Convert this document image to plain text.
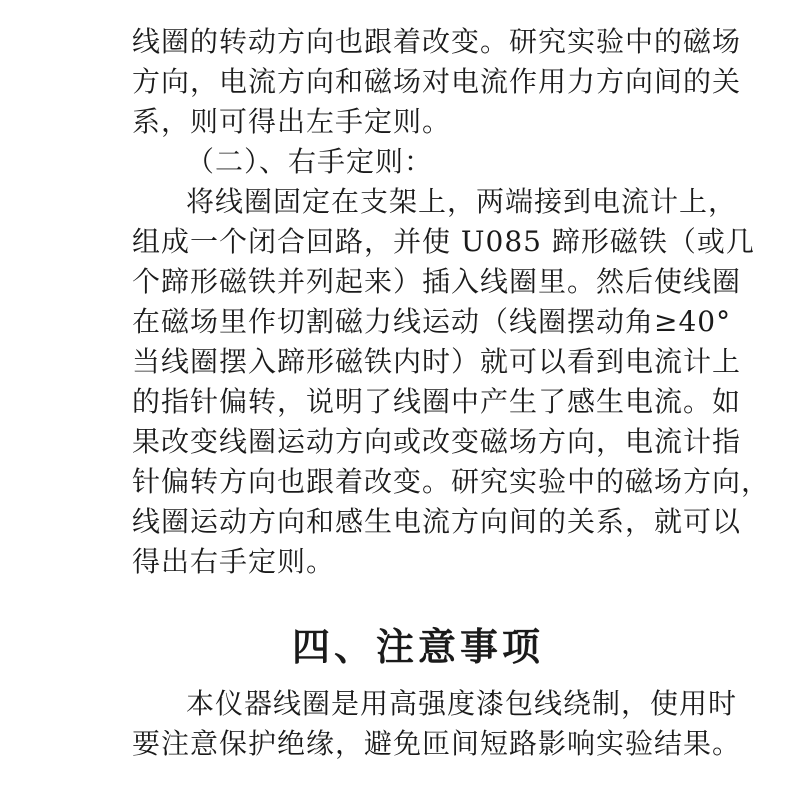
线圈的转动方向也跟着改变。研究实验中的磁场
方向，电流方向和磁场对电流作用力方向间的关
系，则可得出左手定则。
（二）、右手定则：
将线圈固定在支架上，两端接到电流计上，
组成一个闭合回路，并使 U085 蹄形磁铁（或几
个蹄形磁铁并列起来）插入线圈里。然后使线圈
在磁场里作切割磁力线运动（线圈摆动角≥40°
当线圈摆入蹄形磁铁内时）就可以看到电流计上
的指针偏转，说明了线圈中产生了感生电流。如
果改变线圈运动方向或改变磁场方向，电流计指
针偏转方向也跟着改变。研究实验中的磁场方向，
线圈运动方向和感生电流方向间的关系，就可以
得出右手定则。
四、注意事项
本仪器线圈是用高强度漆包线绕制，使用时
要注意保护绝缘，避免匝间短路影响实验结果。
